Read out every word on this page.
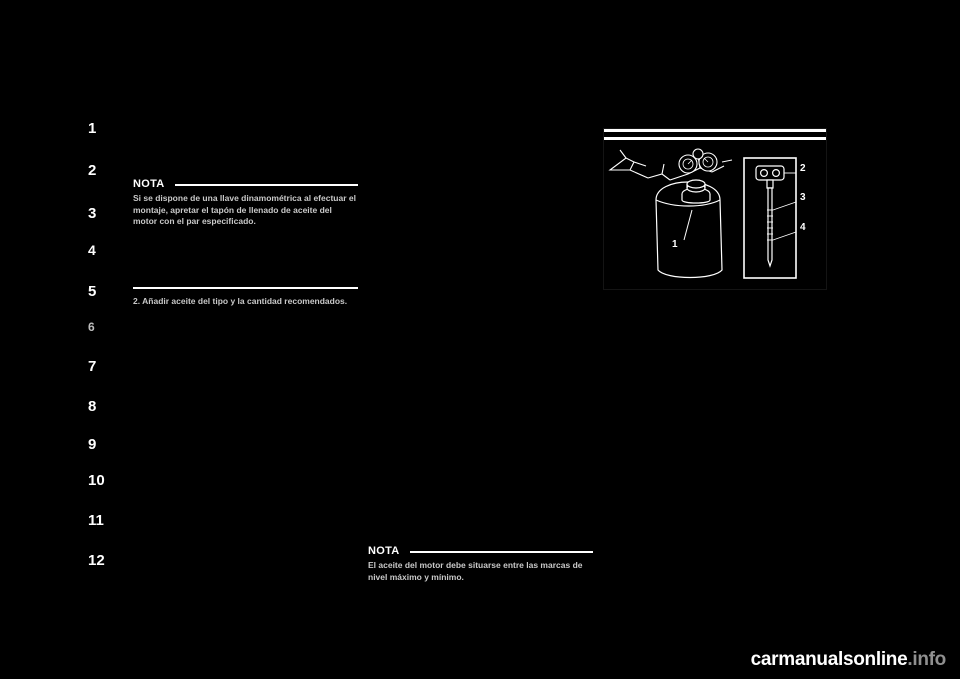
1
2
3
4
5
6
7
8
9
10
11
12
NOTA
Si se dispone de una llave dinamométrica al efectuar el montaje, apretar el tapón de llenado de aceite del motor con el par especificado.
2. Añadir aceite del tipo y la cantidad recomendados.
NOTA
El aceite del motor debe situarse entre las marcas de nivel máximo y mínimo.
1
2
3
4
carmanualsonline.info
